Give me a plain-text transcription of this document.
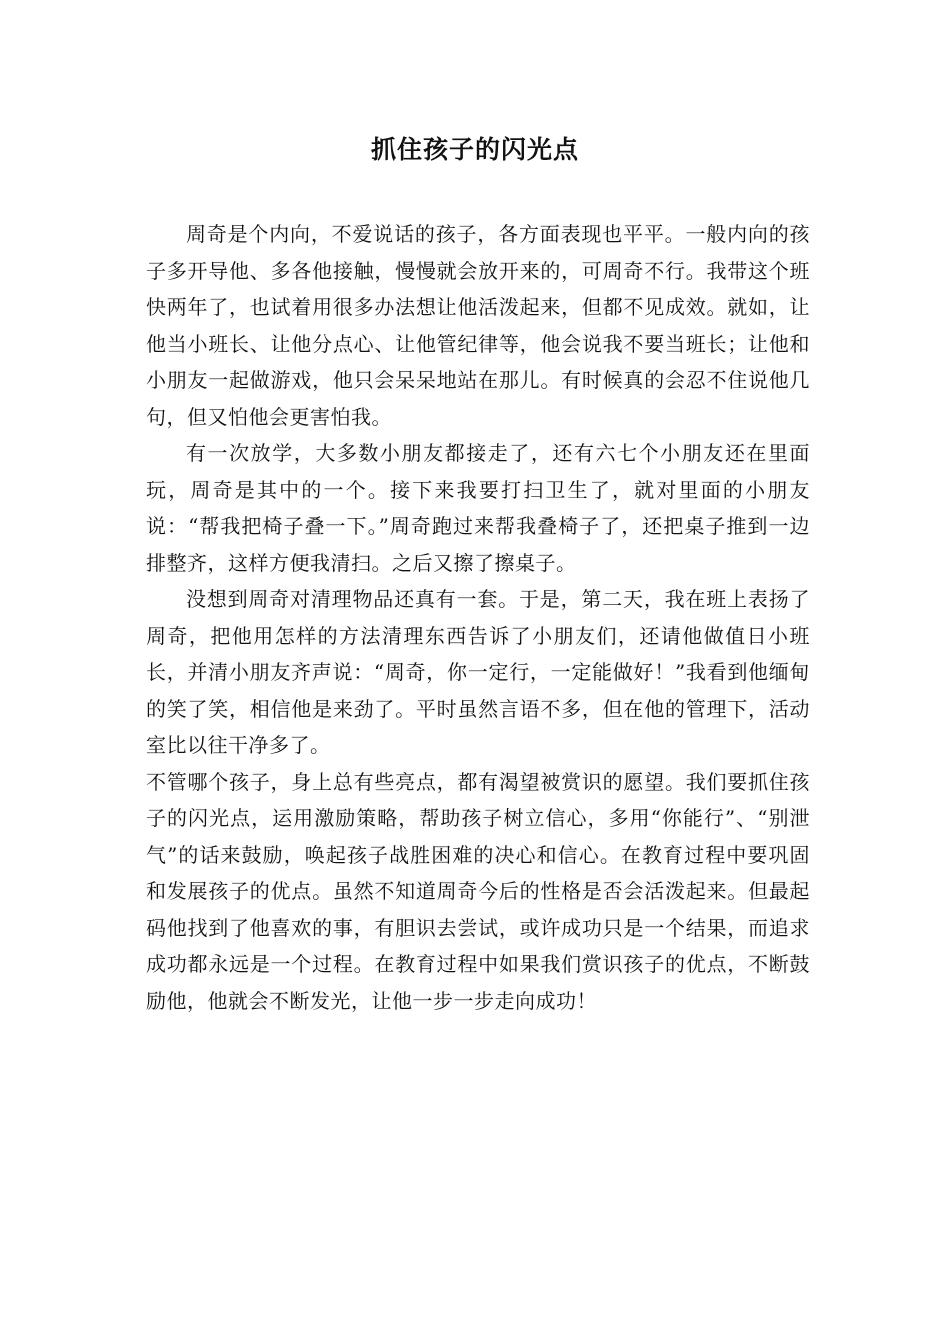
抓住孩子的闪光点

周奇是个内向，不爱说话的孩子，各方面表现也平平。一般内向的孩子多开导他、多各他接触，慢慢就会放开来的，可周奇不行。我带这个班快两年了，也试着用很多办法想让他活泼起来，但都不见成效。就如，让他当小班长、让他分点心、让他管纪律等，他会说我不要当班长；让他和小朋友一起做游戏，他只会呆呆地站在那儿。有时候真的会忍不住说他几句，但又怕他会更害怕我。

有一次放学，大多数小朋友都接走了，还有六七个小朋友还在里面玩，周奇是其中的一个。接下来我要打扫卫生了，就对里面的小朋友说：“帮我把椅子叠一下。”周奇跑过来帮我叠椅子了，还把桌子推到一边排整齐，这样方便我清扫。之后又擦了擦桌子。

没想到周奇对清理物品还真有一套。于是，第二天，我在班上表扬了周奇，把他用怎样的方法清理东西告诉了小朋友们，还请他做值日小班长，并清小朋友齐声说：“周奇，你一定行，一定能做好！”我看到他缅甸的笑了笑，相信他是来劲了。平时虽然言语不多，但在他的管理下，活动室比以往干净多了。

不管哪个孩子，身上总有些亮点，都有渴望被赏识的愿望。我们要抓住孩子的闪光点，运用激励策略，帮助孩子树立信心，多用“你能行”、“别泄气”的话来鼓励，唤起孩子战胜困难的决心和信心。在教育过程中要巩固和发展孩子的优点。虽然不知道周奇今后的性格是否会活泼起来。但最起码他找到了他喜欢的事，有胆识去尝试，或许成功只是一个结果，而追求成功都永远是一个过程。在教育过程中如果我们赏识孩子的优点，不断鼓励他，他就会不断发光，让他一步一步走向成功！
